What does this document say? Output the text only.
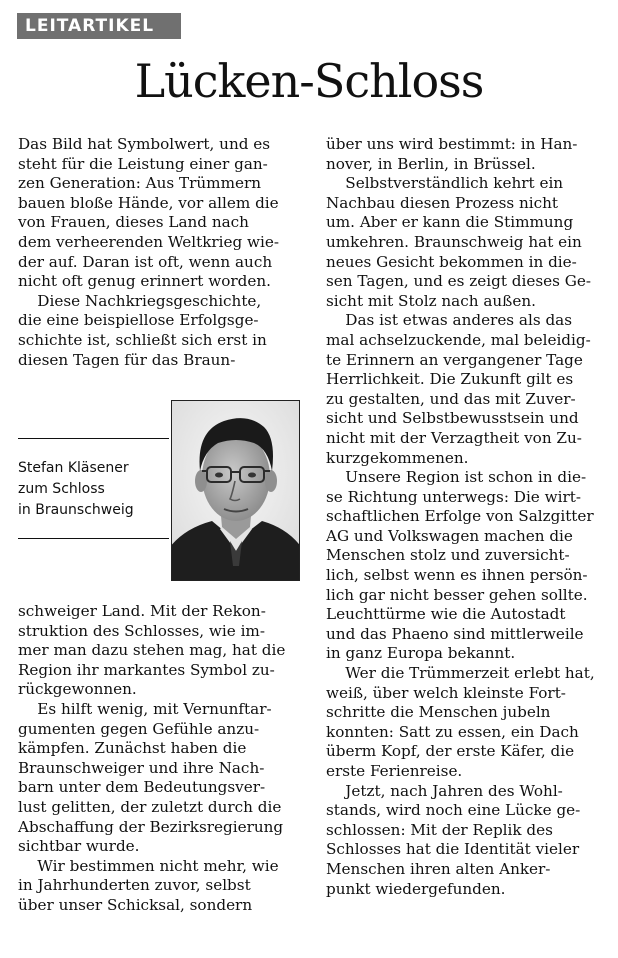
LEITARTIKEL
Lücken-Schloss
Das Bild hat Symbolwert, und es
steht für die Leistung einer gan-
zen Generation: Aus Trümmern
bauen bloße Hände, vor allem die
von Frauen, dieses Land nach
dem verheerenden Weltkrieg wie-
der auf. Daran ist oft, wenn auch
nicht oft genug erinnert worden.
Diese Nachkriegsgeschichte,
die eine beispiellose Erfolgsge-
schichte ist, schließt sich erst in
diesen Tagen für das Braun-
Stefan Kläsener
zum Schloss
in Braunschweig
schweiger Land. Mit der Rekon-
struktion des Schlosses, wie im-
mer man dazu stehen mag, hat die
Region ihr markantes Symbol zu-
rückgewonnen.
Es hilft wenig, mit Vernunftar-
gumenten gegen Gefühle anzu-
kämpfen. Zunächst haben die
Braunschweiger und ihre Nach-
barn unter dem Bedeutungsver-
lust gelitten, der zuletzt durch die
Abschaffung der Bezirksregierung
sichtbar wurde.
Wir bestimmen nicht mehr, wie
in Jahrhunderten zuvor, selbst
über unser Schicksal, sondern
über uns wird bestimmt: in Han-
nover, in Berlin, in Brüssel.
Selbstverständlich kehrt ein
Nachbau diesen Prozess nicht
um. Aber er kann die Stimmung
umkehren. Braunschweig hat ein
neues Gesicht bekommen in die-
sen Tagen, und es zeigt dieses Ge-
sicht mit Stolz nach außen.
Das ist etwas anderes als das
mal achselzuckende, mal beleidig-
te Erinnern an vergangener Tage
Herrlichkeit. Die Zukunft gilt es
zu gestalten, und das mit Zuver-
sicht und Selbstbewusstsein und
nicht mit der Verzagtheit von Zu-
kurzgekommenen.
Unsere Region ist schon in die-
se Richtung unterwegs: Die wirt-
schaftlichen Erfolge von Salzgitter
AG und Volkswagen machen die
Menschen stolz und zuversicht-
lich, selbst wenn es ihnen persön-
lich gar nicht besser gehen sollte.
Leuchttürme wie die Autostadt
und das Phaeno sind mittlerweile
in ganz Europa bekannt.
Wer die Trümmerzeit erlebt hat,
weiß, über welch kleinste Fort-
schritte die Menschen jubeln
konnten: Satt zu essen, ein Dach
überm Kopf, der erste Käfer, die
erste Ferienreise.
Jetzt, nach Jahren des Wohl-
stands, wird noch eine Lücke ge-
schlossen: Mit der Replik des
Schlosses hat die Identität vieler
Menschen ihren alten Anker-
punkt wiedergefunden.
